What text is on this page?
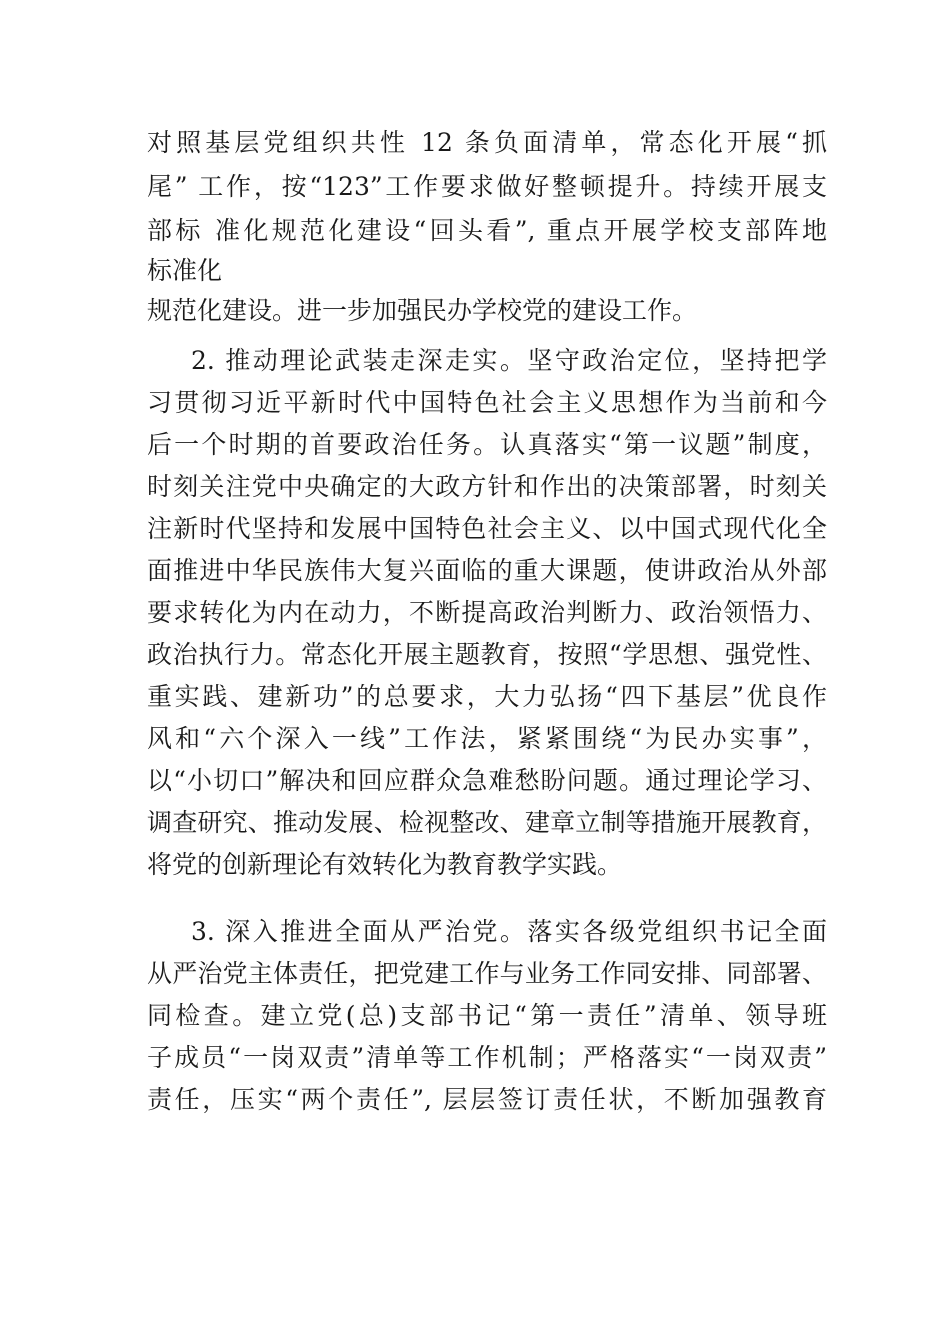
对照基层党组织共性 12 条负面清单，常态化开展“抓
尾” 工作，按“123”工作要求做好整顿提升。持续开展支
部标 准化规范化建设“回头看”, 重点开展学校支部阵地
标准化
规范化建设。进一步加强民办学校党的建设工作。
2. 推动理论武装走深走实。坚守政治定位，坚持把学
习贯彻习近平新时代中国特色社会主义思想作为当前和今
后一个时期的首要政治任务。认真落实“第一议题”制度，
时刻关注党中央确定的大政方针和作出的决策部署，时刻关
注新时代坚持和发展中国特色社会主义、以中国式现代化全
面推进中华民族伟大复兴面临的重大课题，使讲政治从外部
要求转化为内在动力，不断提高政治判断力、政治领悟力、
政治执行力。常态化开展主题教育，按照“学思想、强党性、
重实践、建新功”的总要求，大力弘扬“四下基层”优良作
风和“六个深入一线”工作法，紧紧围绕“为民办实事”，
以“小切口”解决和回应群众急难愁盼问题。通过理论学习、
调查研究、推动发展、检视整改、建章立制等措施开展教育，
将党的创新理论有效转化为教育教学实践。
3. 深入推进全面从严治党。落实各级党组织书记全面
从严治党主体责任，把党建工作与业务工作同安排、同部署、
同检查。建立党(总)支部书记“第一责任”清单、领导班
子成员“一岗双责”清单等工作机制；严格落实“一岗双责”
责任，压实“两个责任”, 层层签订责任状，不断加强教育
